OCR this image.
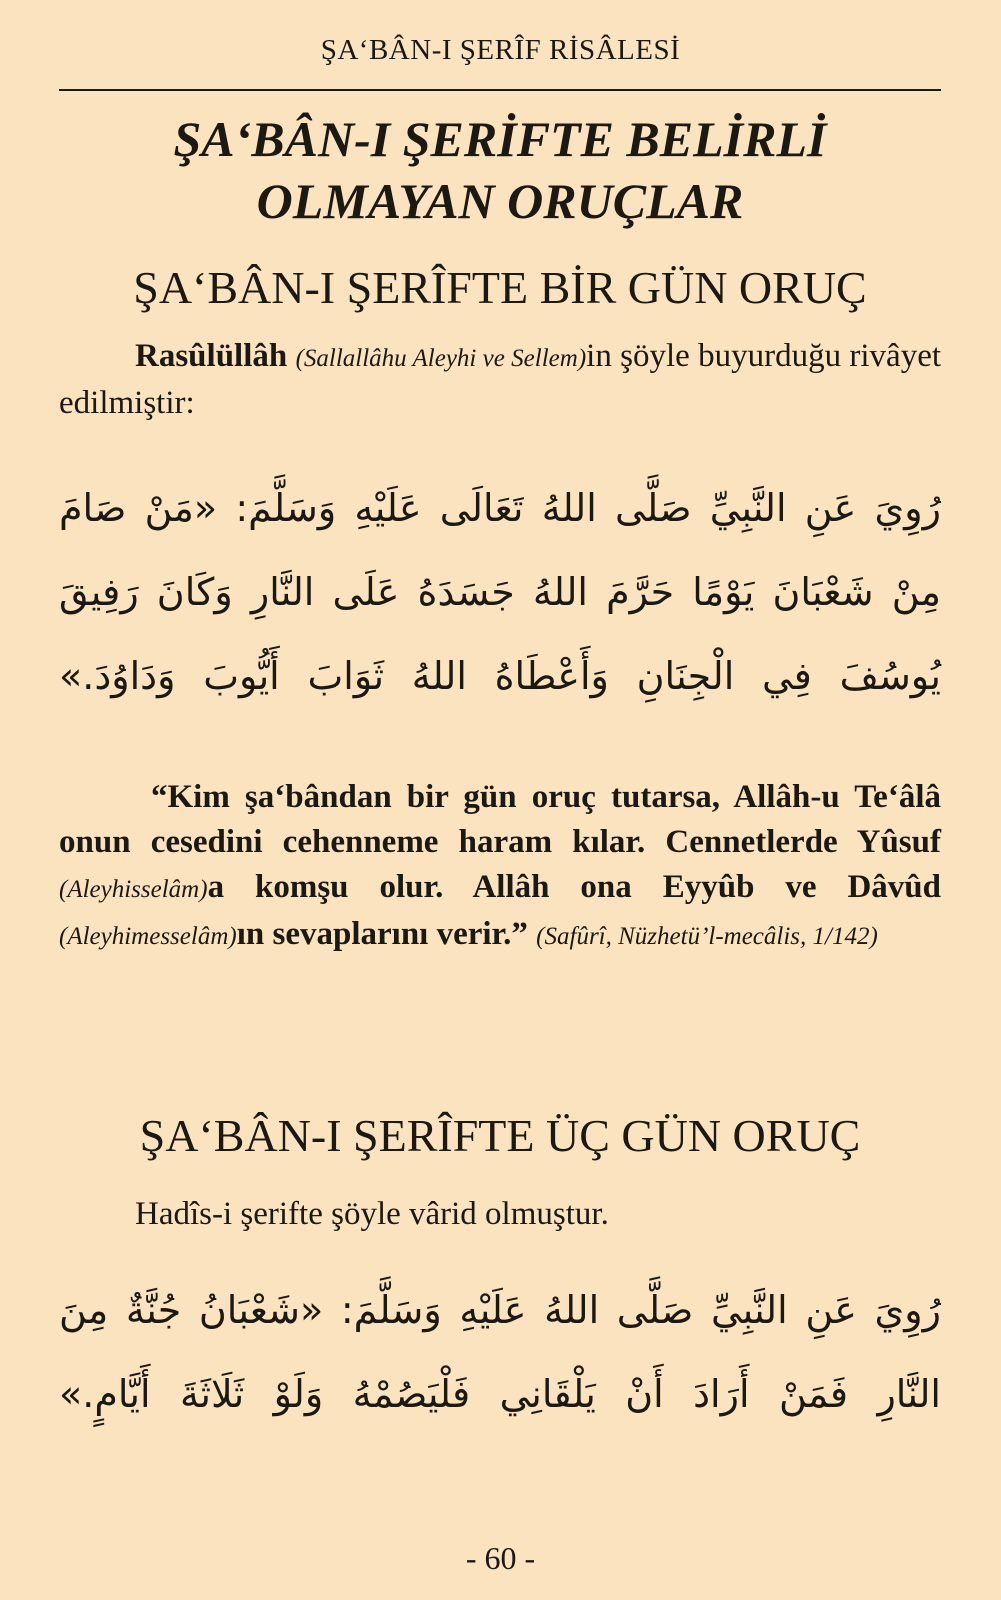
ŞA‘BÂN-I ŞERÎF RİSÂLESİ
ŞA‘BÂN-I ŞERİFTE BELİRLİ
OLMAYAN ORUÇLAR
ŞA‘BÂN-I ŞERÎFTE BİR GÜN ORUÇ
Rasûlüllâh (Sallallâhu Aleyhi ve Sellem)in şöyle buyurduğu rivâyet edilmiştir:
رُوِيَ عَنِ النَّبِيِّ صَلَّى اللهُ تَعَالَى عَلَيْهِ وَسَلَّمَ: «مَنْ صَامَ مِنْ شَعْبَانَ يَوْمًا حَرَّمَ اللهُ جَسَدَهُ عَلَى النَّارِ وَكَانَ رَفِيقَ يُوسُفَ فِي الْجِنَانِ وَأَعْطَاهُ اللهُ ثَوَابَ أَيُّوبَ وَدَاوُدَ.»
“Kim şa‘bândan bir gün oruç tutarsa, Allâh-u Te‘âlâ onun cesedini cehenneme haram kılar. Cennetlerde Yûsuf (Aleyhisselâm)a komşu olur. Allâh ona Eyyûb ve Dâvûd (Aleyhimesselâm)ın sevaplarını verir.” (Safûrî, Nüzhetü’l-mecâlis, 1/142)
ŞA‘BÂN-I ŞERÎFTE ÜÇ GÜN ORUÇ
Hadîs-i şerifte şöyle vârid olmuştur.
رُوِيَ عَنِ النَّبِيِّ صَلَّى اللهُ عَلَيْهِ وَسَلَّمَ: «شَعْبَانُ جُنَّةٌ مِنَ النَّارِ فَمَنْ أَرَادَ أَنْ يَلْقَانِي فَلْيَصُمْهُ وَلَوْ ثَلَاثَةَ أَيَّامٍ.»
- 60 -
